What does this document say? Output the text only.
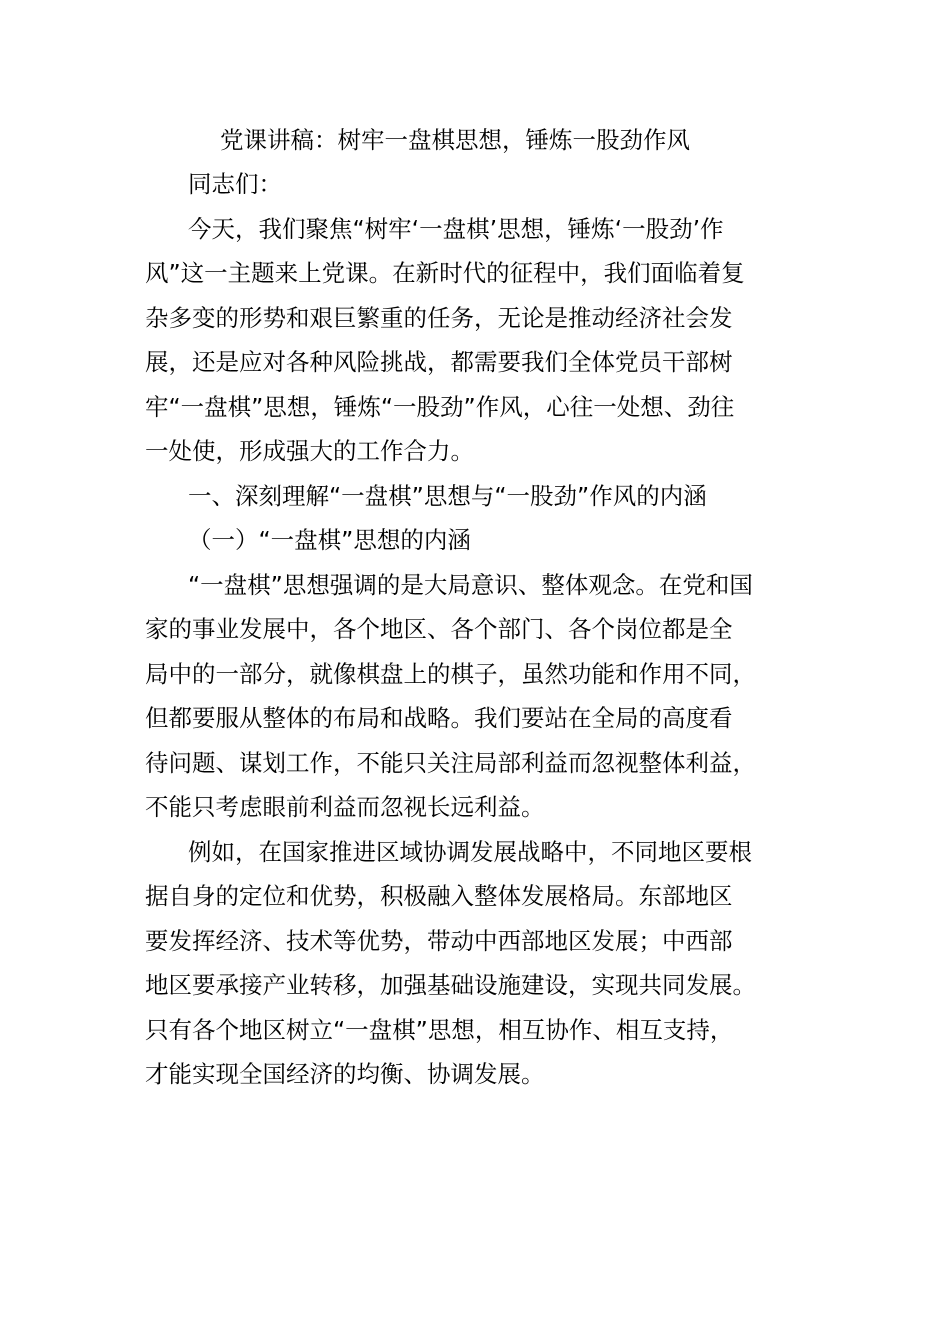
党课讲稿：树牢一盘棋思想，锤炼一股劲作风
同志们：
今天，我们聚焦“树牢‘一盘棋’思想，锤炼‘一股劲’作
风”这一主题来上党课。在新时代的征程中，我们面临着复
杂多变的形势和艰巨繁重的任务，无论是推动经济社会发
展，还是应对各种风险挑战，都需要我们全体党员干部树
牢“一盘棋”思想，锤炼“一股劲”作风，心往一处想、劲往
一处使，形成强大的工作合力。
一、深刻理解“一盘棋”思想与“一股劲”作风的内涵
（一）“一盘棋”思想的内涵
“一盘棋”思想强调的是大局意识、整体观念。在党和国
家的事业发展中，各个地区、各个部门、各个岗位都是全
局中的一部分，就像棋盘上的棋子，虽然功能和作用不同，
但都要服从整体的布局和战略。我们要站在全局的高度看
待问题、谋划工作，不能只关注局部利益而忽视整体利益，
不能只考虑眼前利益而忽视长远利益。
例如，在国家推进区域协调发展战略中，不同地区要根
据自身的定位和优势，积极融入整体发展格局。东部地区
要发挥经济、技术等优势，带动中西部地区发展；中西部
地区要承接产业转移，加强基础设施建设，实现共同发展。
只有各个地区树立“一盘棋”思想，相互协作、相互支持，
才能实现全国经济的均衡、协调发展。
